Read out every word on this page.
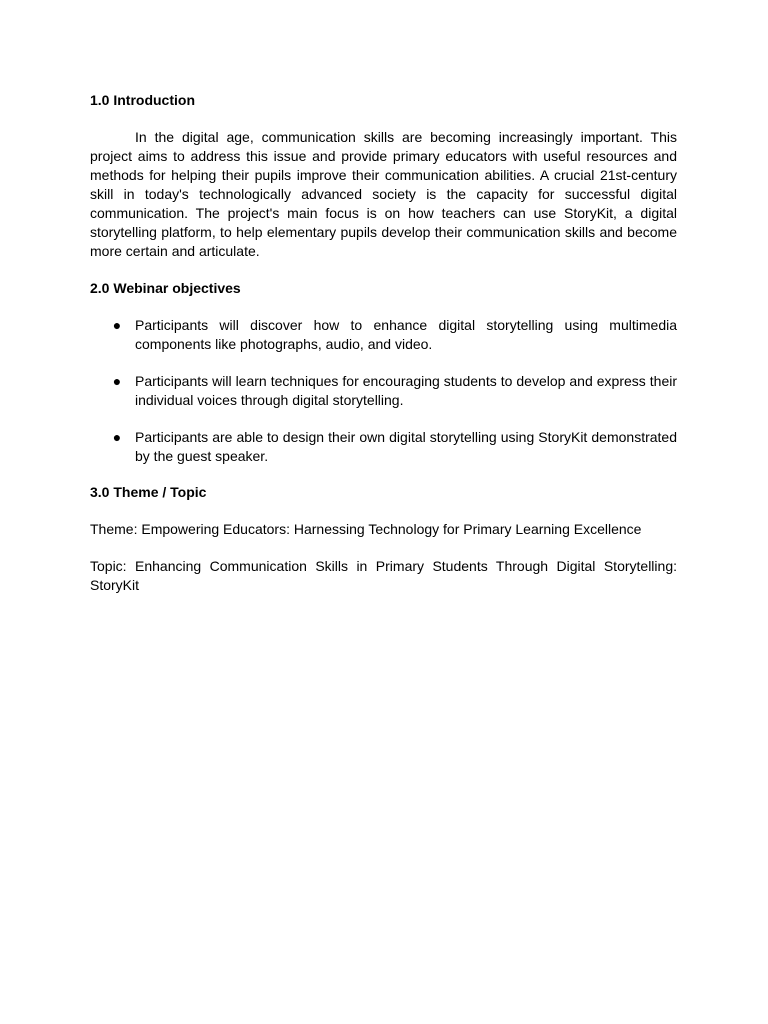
1.0 Introduction

In the digital age, communication skills are becoming increasingly important. This project aims to address this issue and provide primary educators with useful resources and methods for helping their pupils improve their communication abilities. A crucial 21st-century skill in today's technologically advanced society is the capacity for successful digital communication. The project's main focus is on how teachers can use StoryKit, a digital storytelling platform, to help elementary pupils develop their communication skills and become more certain and articulate.

2.0 Webinar objectives
● Participants will discover how to enhance digital storytelling using multimedia components like photographs, audio, and video.
● Participants will learn techniques for encouraging students to develop and express their individual voices through digital storytelling.
● Participants are able to design their own digital storytelling using StoryKit demonstrated by the guest speaker.
3.0 Theme / Topic

Theme: Empowering Educators: Harnessing Technology for Primary Learning Excellence

Topic: Enhancing Communication Skills in Primary Students Through Digital Storytelling: StoryKit
